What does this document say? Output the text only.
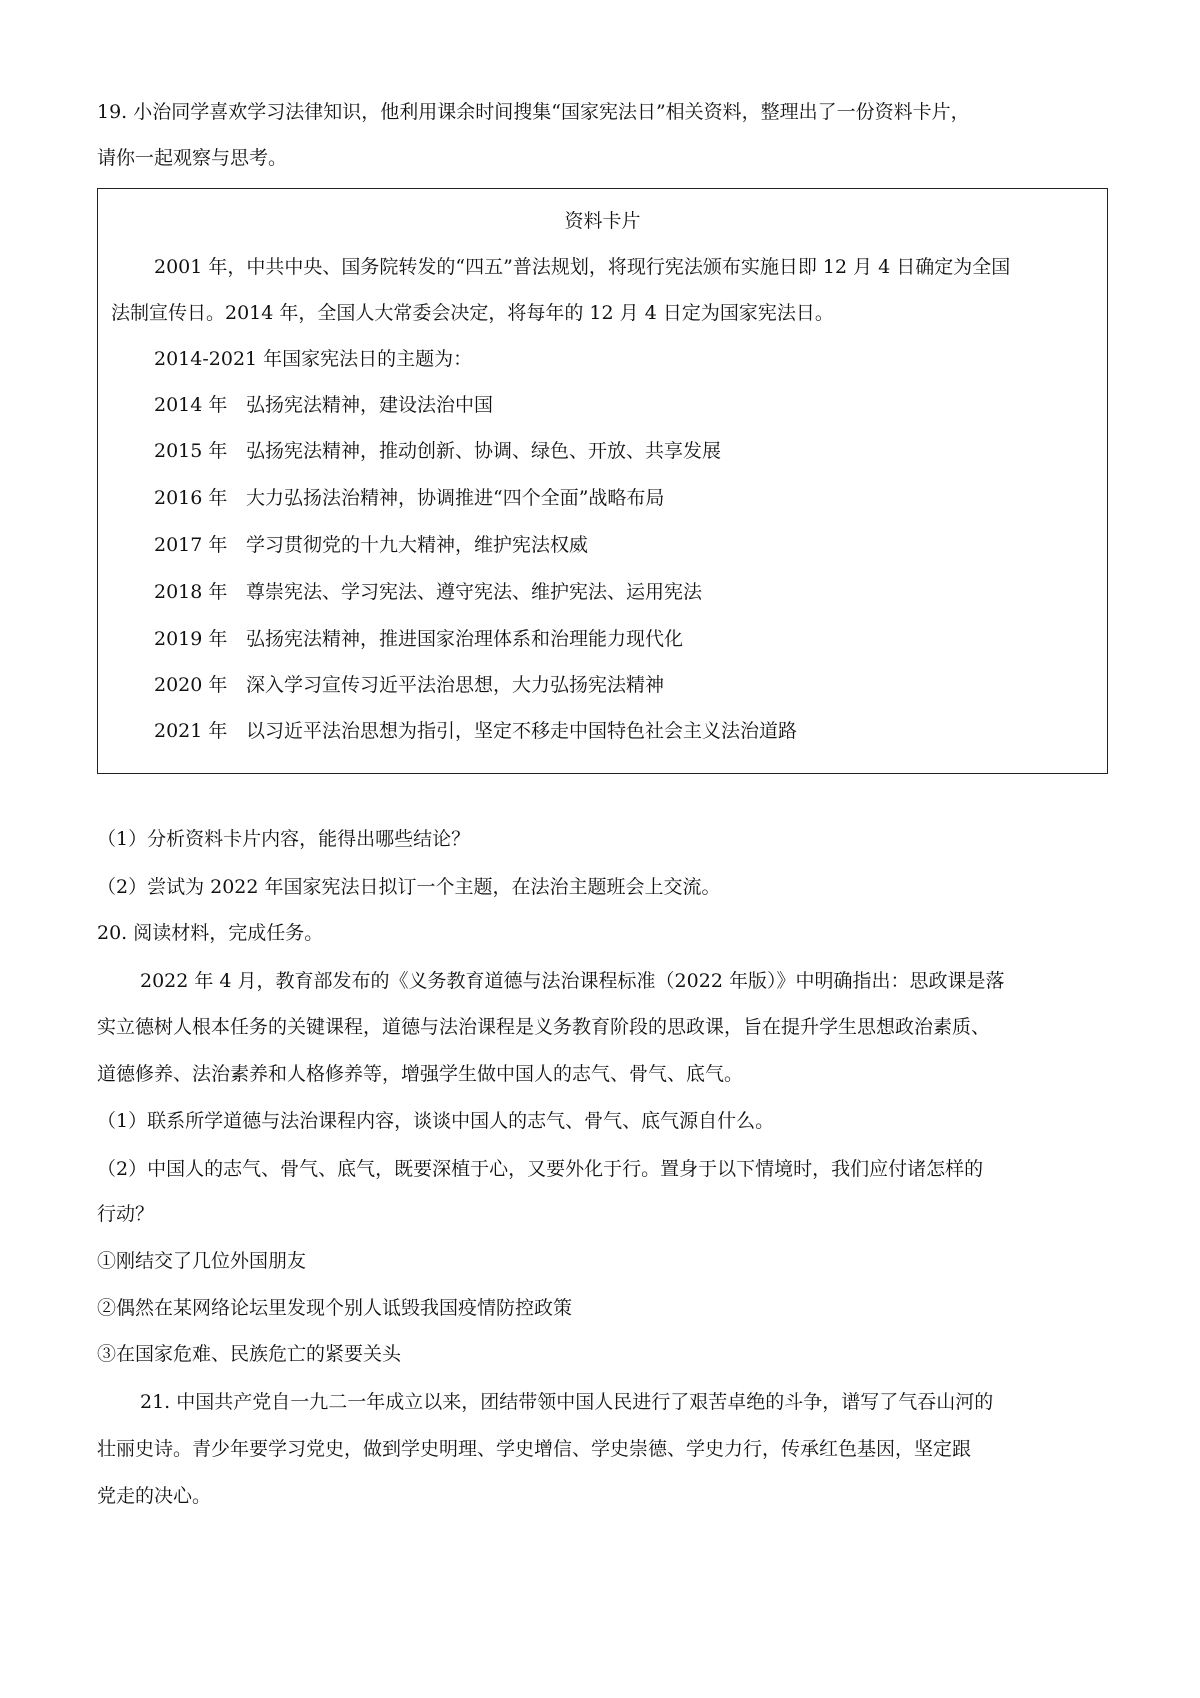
19. 小治同学喜欢学习法律知识，他利用课余时间搜集“国家宪法日”相关资料，整理出了一份资料卡片，
请你一起观察与思考。
资料卡片
2001 年，中共中央、国务院转发的“四五”普法规划，将现行宪法颁布实施日即 12 月 4 日确定为全国
法制宣传日。2014 年，全国人大常委会决定，将每年的 12 月 4 日定为国家宪法日。
2014-2021 年国家宪法日的主题为：
2014 年 弘扬宪法精神，建设法治中国
2015 年 弘扬宪法精神，推动创新、协调、绿色、开放、共享发展
2016 年 大力弘扬法治精神，协调推进“四个全面”战略布局
2017 年 学习贯彻党的十九大精神，维护宪法权威
2018 年 尊崇宪法、学习宪法、遵守宪法、维护宪法、运用宪法
2019 年 弘扬宪法精神，推进国家治理体系和治理能力现代化
2020 年 深入学习宣传习近平法治思想，大力弘扬宪法精神
2021 年 以习近平法治思想为指引，坚定不移走中国特色社会主义法治道路
（1）分析资料卡片内容，能得出哪些结论？
（2）尝试为 2022 年国家宪法日拟订一个主题，在法治主题班会上交流。
20. 阅读材料，完成任务。
2022 年 4 月，教育部发布的《义务教育道德与法治课程标准（2022 年版）》中明确指出：思政课是落
实立德树人根本任务的关键课程，道德与法治课程是义务教育阶段的思政课，旨在提升学生思想政治素质、
道德修养、法治素养和人格修养等，增强学生做中国人的志气、骨气、底气。
（1）联系所学道德与法治课程内容，谈谈中国人的志气、骨气、底气源自什么。
（2）中国人的志气、骨气、底气，既要深植于心，又要外化于行。置身于以下情境时，我们应付诸怎样的
行动？
①刚结交了几位外国朋友
②偶然在某网络论坛里发现个别人诋毁我国疫情防控政策
③在国家危难、民族危亡的紧要关头
21. 中国共产党自一九二一年成立以来，团结带领中国人民进行了艰苦卓绝的斗争，谱写了气吞山河的
壮丽史诗。青少年要学习党史，做到学史明理、学史增信、学史崇德、学史力行，传承红色基因，坚定跟
党走的决心。
